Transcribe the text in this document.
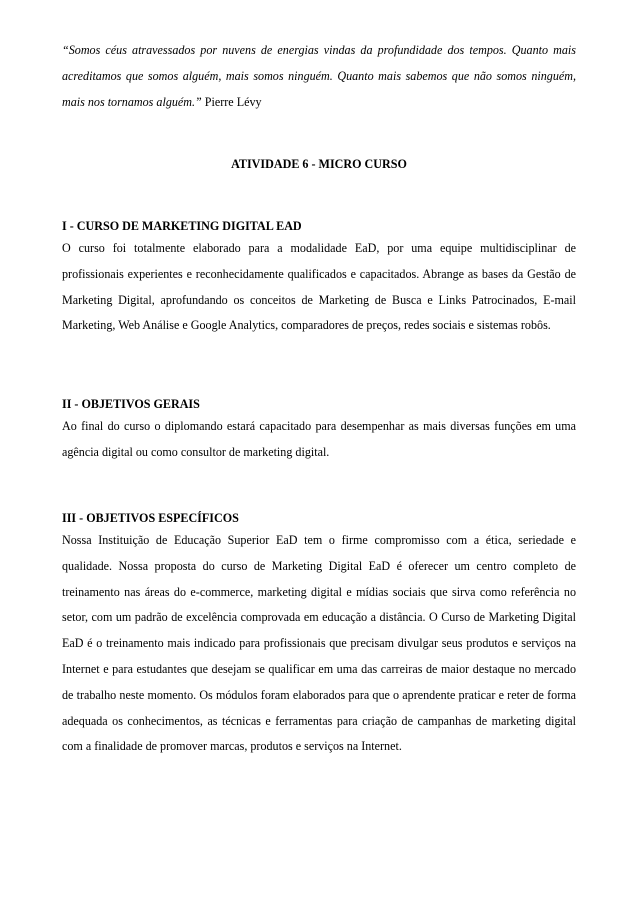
“Somos céus atravessados por nuvens de energias vindas da profundidade dos tempos. Quanto mais acreditamos que somos alguém, mais somos ninguém. Quanto mais sabemos que não somos ninguém, mais nos tornamos alguém.” Pierre Lévy

ATIVIDADE 6 - MICRO CURSO
I - CURSO DE MARKETING DIGITAL EAD

O curso foi totalmente elaborado para a modalidade EaD, por uma equipe multidisciplinar de profissionais experientes e reconhecidamente qualificados e capacitados. Abrange as bases da Gestão de Marketing Digital, aprofundando os conceitos de Marketing de Busca e Links Patrocinados, E-mail Marketing, Web Análise e Google Analytics, comparadores de preços, redes sociais e sistemas robôs.

II - OBJETIVOS GERAIS

Ao final do curso o diplomando estará capacitado para desempenhar as mais diversas funções em uma agência digital ou como consultor de marketing digital.

III - OBJETIVOS ESPECÍFICOS

Nossa Instituição de Educação Superior EaD tem o firme compromisso com a ética, seriedade e qualidade. Nossa proposta do curso de Marketing Digital EaD é oferecer um centro completo de treinamento nas áreas do e-commerce, marketing digital e mídias sociais que sirva como referência no setor, com um padrão de excelência comprovada em educação a distância. O Curso de Marketing Digital EaD é o treinamento mais indicado para profissionais que precisam divulgar seus produtos e serviços na Internet e para estudantes que desejam se qualificar em uma das carreiras de maior destaque no mercado de trabalho neste momento. Os módulos foram elaborados para que o aprendente praticar e reter de forma adequada os conhecimentos, as técnicas e ferramentas para criação de campanhas de marketing digital com a finalidade de promover marcas, produtos e serviços na Internet.
